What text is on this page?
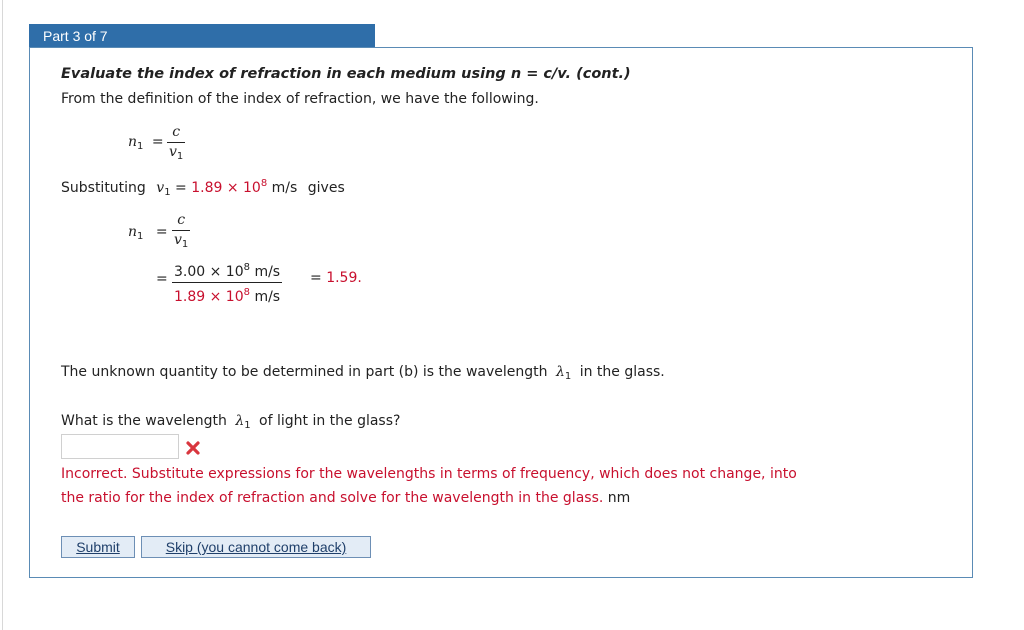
Part 3 of 7
Evaluate the index of refraction in each medium using n = c/v. (cont.)
From the definition of the index of refraction, we have the following.
$n_1 = \frac{c}{v_1}$
Substituting $v_1 = 1.89 \times 10^8$ m/s gives
$n_1 = \frac{c}{v_1}$
= $\frac{3.00 \times 10^8 m/s}{1.89 \times 10^8 m/s} = 1.59$.
The unknown quantity to be determined in part (b) is the wavelength $\lambda_1$ in the glass.
What is the wavelength $\lambda_1$ of light in the glass?
Incorrect. Substitute expressions for the wavelengths in terms of frequency, which does not change, into
the ratio for the index of refraction and solve for the wavelength in the glass. nm
Submit	Skip (you cannot come back)
